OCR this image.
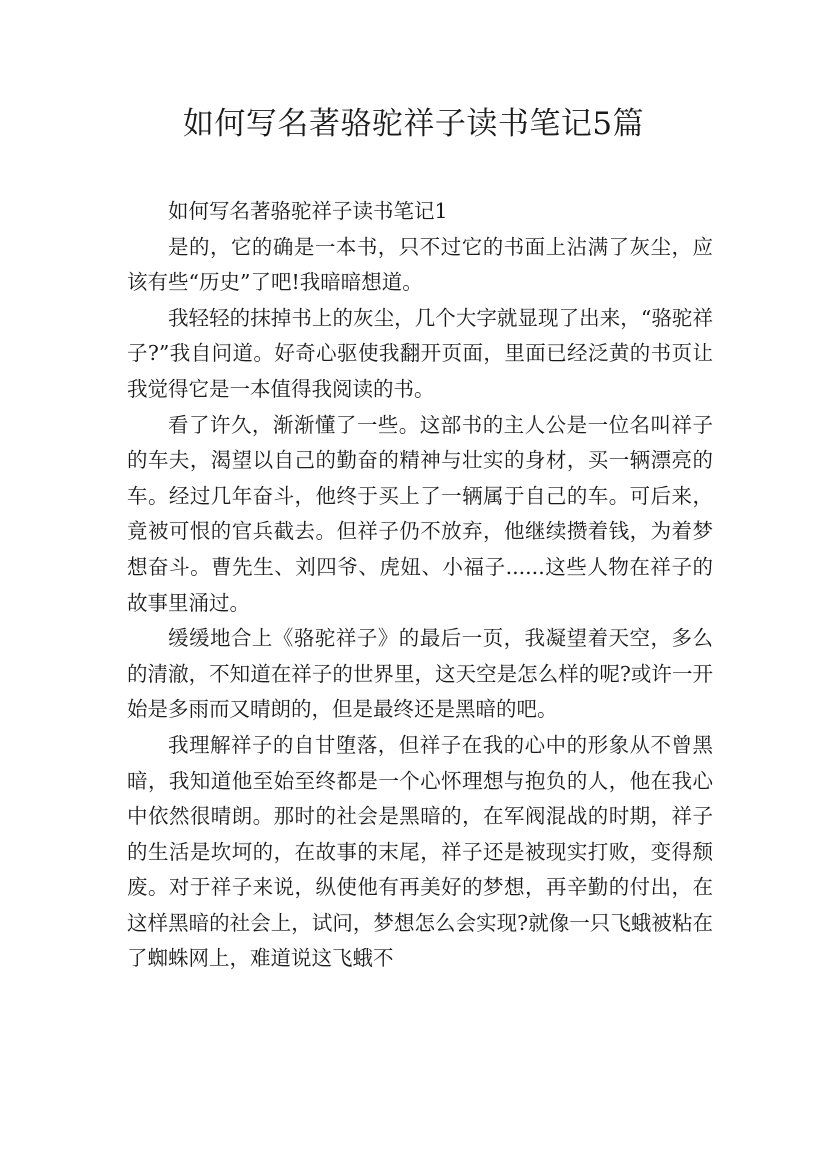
如何写名著骆驼祥子读书笔记5篇

如何写名著骆驼祥子读书笔记1

是的，它的确是一本书，只不过它的书面上沾满了灰尘，应该有些“历史”了吧!我暗暗想道。

我轻轻的抹掉书上的灰尘，几个大字就显现了出来，“骆驼祥子?”我自问道。好奇心驱使我翻开页面，里面已经泛黄的书页让我觉得它是一本值得我阅读的书。

看了许久，渐渐懂了一些。这部书的主人公是一位名叫祥子的车夫，渴望以自己的勤奋的精神与壮实的身材，买一辆漂亮的车。经过几年奋斗，他终于买上了一辆属于自己的车。可后来，竟被可恨的官兵截去。但祥子仍不放弃，他继续攒着钱，为着梦想奋斗。曹先生、刘四爷、虎妞、小福子......这些人物在祥子的故事里涌过。

缓缓地合上《骆驼祥子》的最后一页，我凝望着天空，多么的清澈，不知道在祥子的世界里，这天空是怎么样的呢?或许一开始是多雨而又晴朗的，但是最终还是黑暗的吧。

我理解祥子的自甘堕落，但祥子在我的心中的形象从不曾黑暗，我知道他至始至终都是一个心怀理想与抱负的人，他在我心中依然很晴朗。那时的社会是黑暗的，在军阀混战的时期，祥子的生活是坎坷的，在故事的末尾，祥子还是被现实打败，变得颓废。对于祥子来说，纵使他有再美好的梦想，再辛勤的付出，在这样黑暗的社会上，试问，梦想怎么会实现?就像一只飞蛾被粘在了蜘蛛网上，难道说这飞蛾不
